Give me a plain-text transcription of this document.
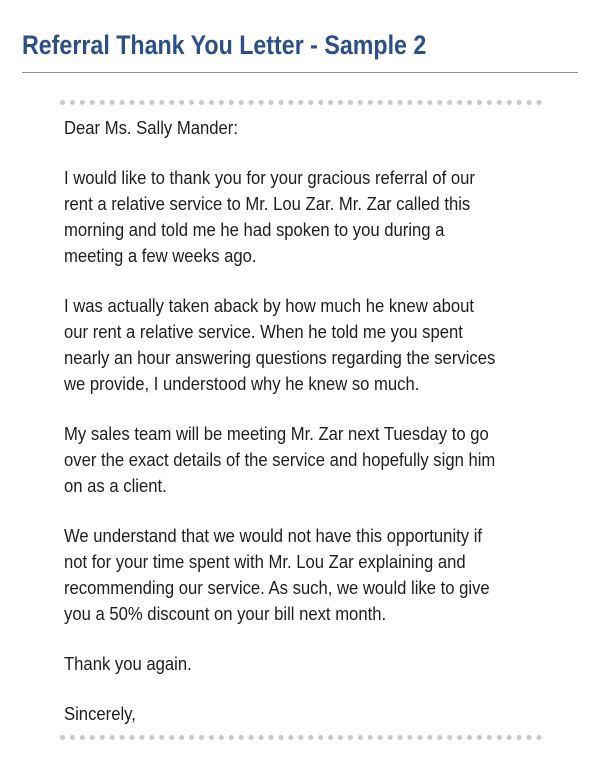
Referral Thank You Letter - Sample 2
Dear Ms. Sally Mander:
I would like to thank you for your gracious referral of our
rent a relative service to Mr. Lou Zar. Mr. Zar called this
morning and told me he had spoken to you during a
meeting a few weeks ago.
I was actually taken aback by how much he knew about
our rent a relative service. When he told me you spent
nearly an hour answering questions regarding the services
we provide, I understood why he knew so much.
My sales team will be meeting Mr. Zar next Tuesday to go
over the exact details of the service and hopefully sign him
on as a client.
We understand that we would not have this opportunity if
not for your time spent with Mr. Lou Zar explaining and
recommending our service. As such, we would like to give
you a 50% discount on your bill next month.
Thank you again.
Sincerely,
